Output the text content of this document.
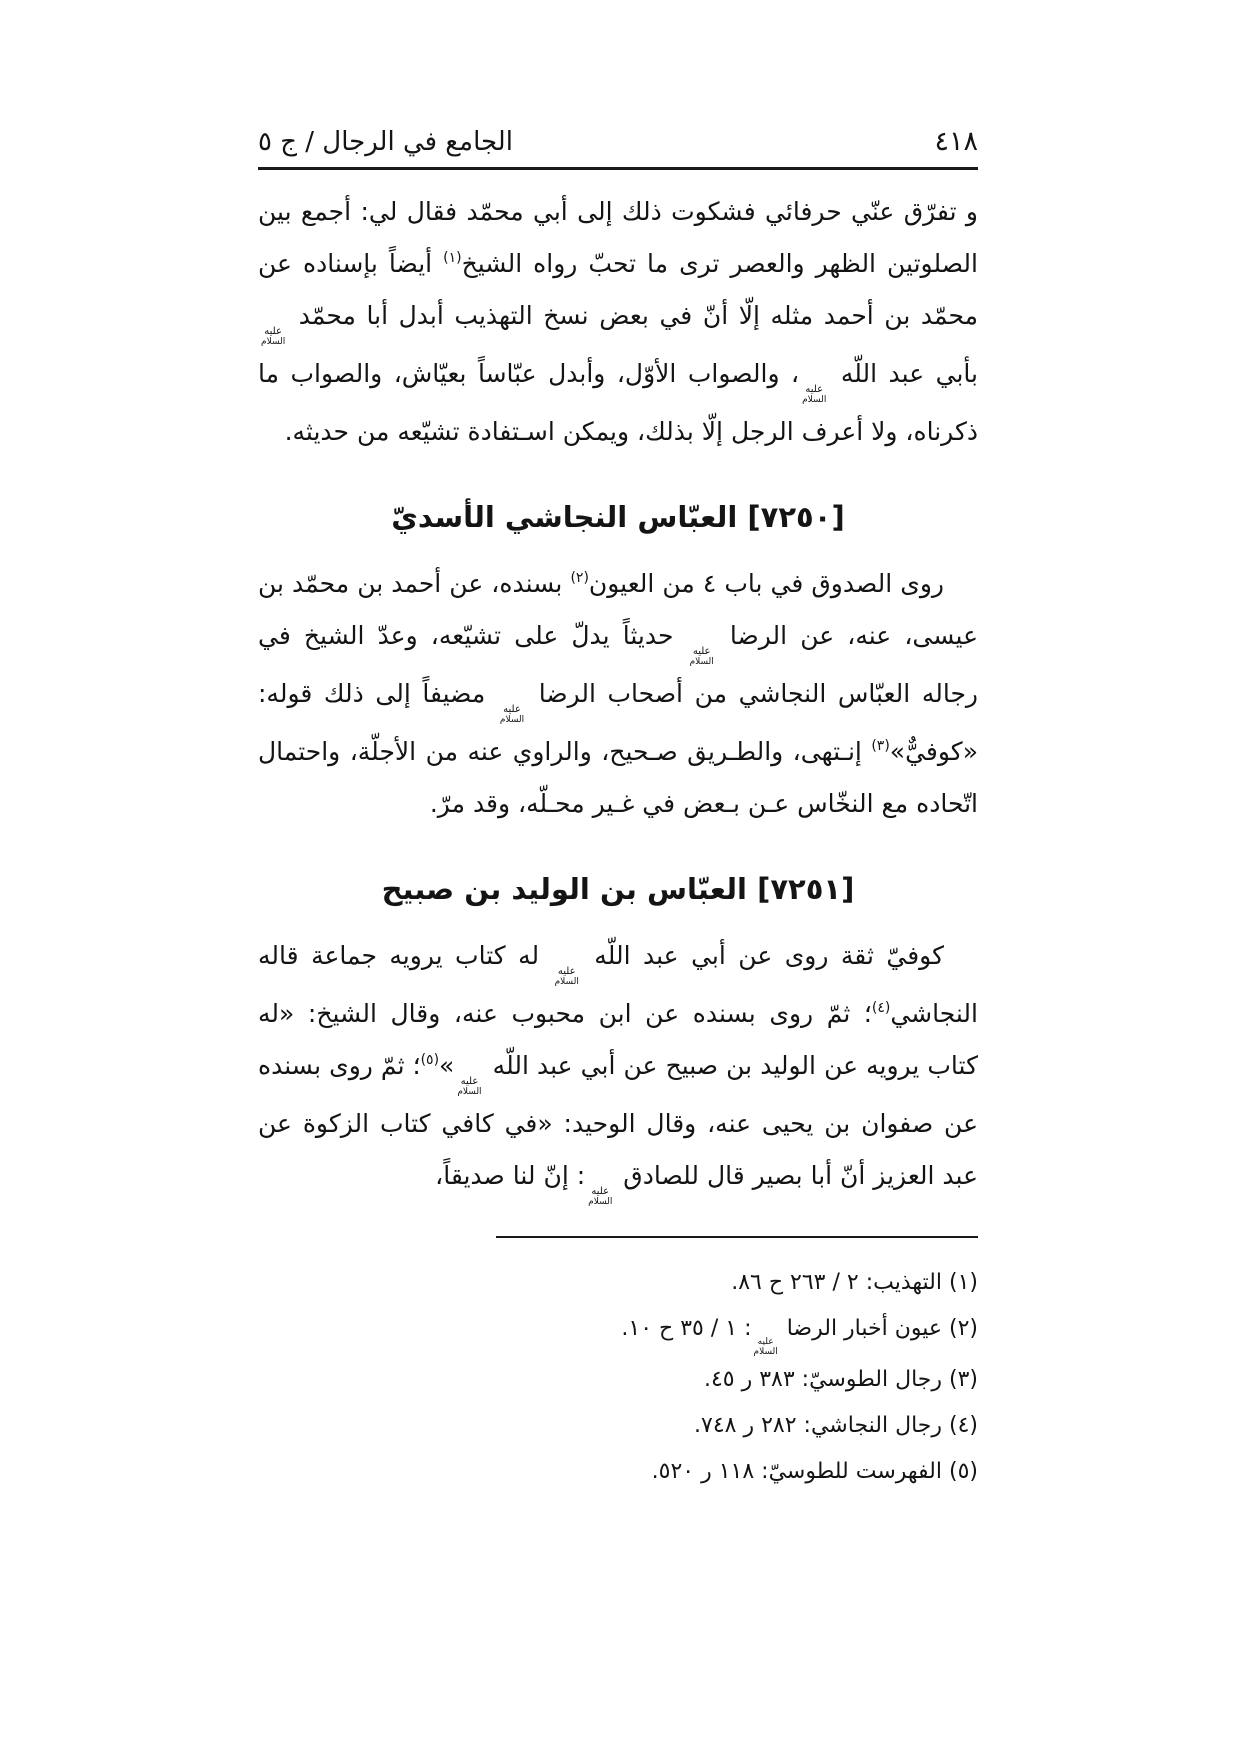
الجامع في الرجال / ج ٥	٤١٨

و تفرّق عنّي حرفائي فشكوت ذلك إلى أبي محمّد فقال لي: أجمع بين الصلوتين الظهر والعصر ترى ما تحبّ رواه الشيخ$^{(١)}$ أيضاً بإسناده عن محمّد بن أحمد مثله إلّا أنّ في بعض نسخ التهذيب أبدل أبا محمّد
عليه
السلام
بأبي عبد اللّه
عليه
السلام
، والصواب الأوّل، وأبدل عبّاساً بعيّاش، والصواب ما ذكرناه، ولا أعرف الرجل إلّا بذلك، ويمكن اسـتفادة تشيّعه من حديثه.

[٧٢٥٠] العبّاس النجاشي الأسديّ

روى الصدوق في باب ٤ من العيون$^{(٢)}$ بسنده، عن أحمد بن محمّد بن عيسى، عنه، عن الرضا
عليه
السلام
حديثاً يدلّ على تشيّعه، وعدّ الشيخ في رجاله العبّاس النجاشي من أصحاب الرضا
عليه
السلام
مضيفاً إلى ذلك قوله: «كوفيٌّ»$^{(٣)}$ إنـتهى، والطـريق صـحيح، والراوي عنه من الأجلّة، واحتمال اتّحاده مع النخّاس عـن بـعض في غـير محـلّه، وقد مرّ.

[٧٢٥١] العبّاس بن الوليد بن صبيح

كوفيّ ثقة روى عن أبي عبد اللّه
عليه
السلام
له كتاب يرويه جماعة قاله النجاشي$^{(٤)}$؛ ثمّ روى بسنده عن ابن محبوب عنه، وقال الشيخ: «له كتاب يرويه عن الوليد بن صبيح عن أبي عبد اللّه
عليه
السلام
»$^{(٥)}$؛ ثمّ روى بسنده عن صفوان بن يحيى عنه، وقال الوحيد: «في كافي كتاب الزكوة عن عبد العزيز أنّ أبا بصير قال للصادق
عليه
السلام
: إنّ لنا صديقاً،

(١) التهذيب: ٢ / ٢٦٣ ح ٨٦.
(٢) عيون أخبار الرضا
عليه
السلام
: ١ / ٣٥ ح ١٠.
(٣) رجال الطوسيّ: ٣٨٣ ر ٤٥.
(٤) رجال النجاشي: ٢٨٢ ر ٧٤٨.
(٥) الفهرست للطوسيّ: ١١٨ ر ٥٢٠.
